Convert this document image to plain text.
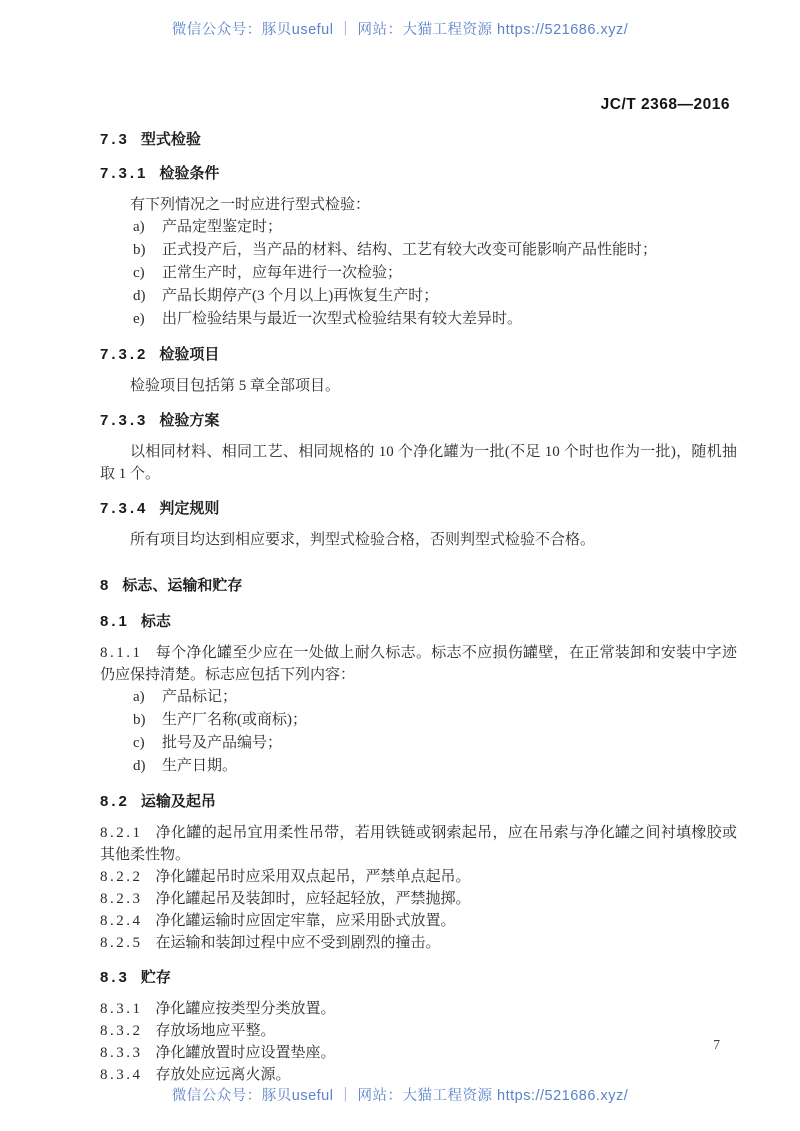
微信公众号：豚贝useful ｜ 网站：大猫工程资源 https://521686.xyz/
JC/T 2368—2016
7.3 型式检验
7.3.1 检验条件
有下列情况之一时应进行型式检验：
a)	产品定型鉴定时；
b)	正式投产后，当产品的材料、结构、工艺有较大改变可能影响产品性能时；
c)	正常生产时，应每年进行一次检验；
d)	产品长期停产(3 个月以上)再恢复生产时；
e)	出厂检验结果与最近一次型式检验结果有较大差异时。
7.3.2 检验项目
检验项目包括第 5 章全部项目。
7.3.3 检验方案
以相同材料、相同工艺、相同规格的 10 个净化罐为一批(不足 10 个时也作为一批)，随机抽取 1 个。
7.3.4 判定规则
所有项目均达到相应要求，判型式检验合格，否则判型式检验不合格。
8 标志、运输和贮存
8.1 标志
8.1.1 每个净化罐至少应在一处做上耐久标志。标志不应损伤罐壁，在正常装卸和安装中字迹仍应保持清楚。标志应包括下列内容：
a)	产品标记；
b)	生产厂名称(或商标)；
c)	批号及产品编号；
d)	生产日期。
8.2 运输及起吊
8.2.1 净化罐的起吊宜用柔性吊带，若用铁链或钢索起吊，应在吊索与净化罐之间衬填橡胶或其他柔性物。
8.2.2 净化罐起吊时应采用双点起吊，严禁单点起吊。
8.2.3 净化罐起吊及装卸时，应轻起轻放，严禁抛掷。
8.2.4 净化罐运输时应固定牢靠，应采用卧式放置。
8.2.5 在运输和装卸过程中应不受到剧烈的撞击。
8.3 贮存
8.3.1 净化罐应按类型分类放置。
8.3.2 存放场地应平整。
8.3.3 净化罐放置时应设置垫座。
8.3.4 存放处应远离火源。
7
微信公众号：豚贝useful ｜ 网站：大猫工程资源 https://521686.xyz/
